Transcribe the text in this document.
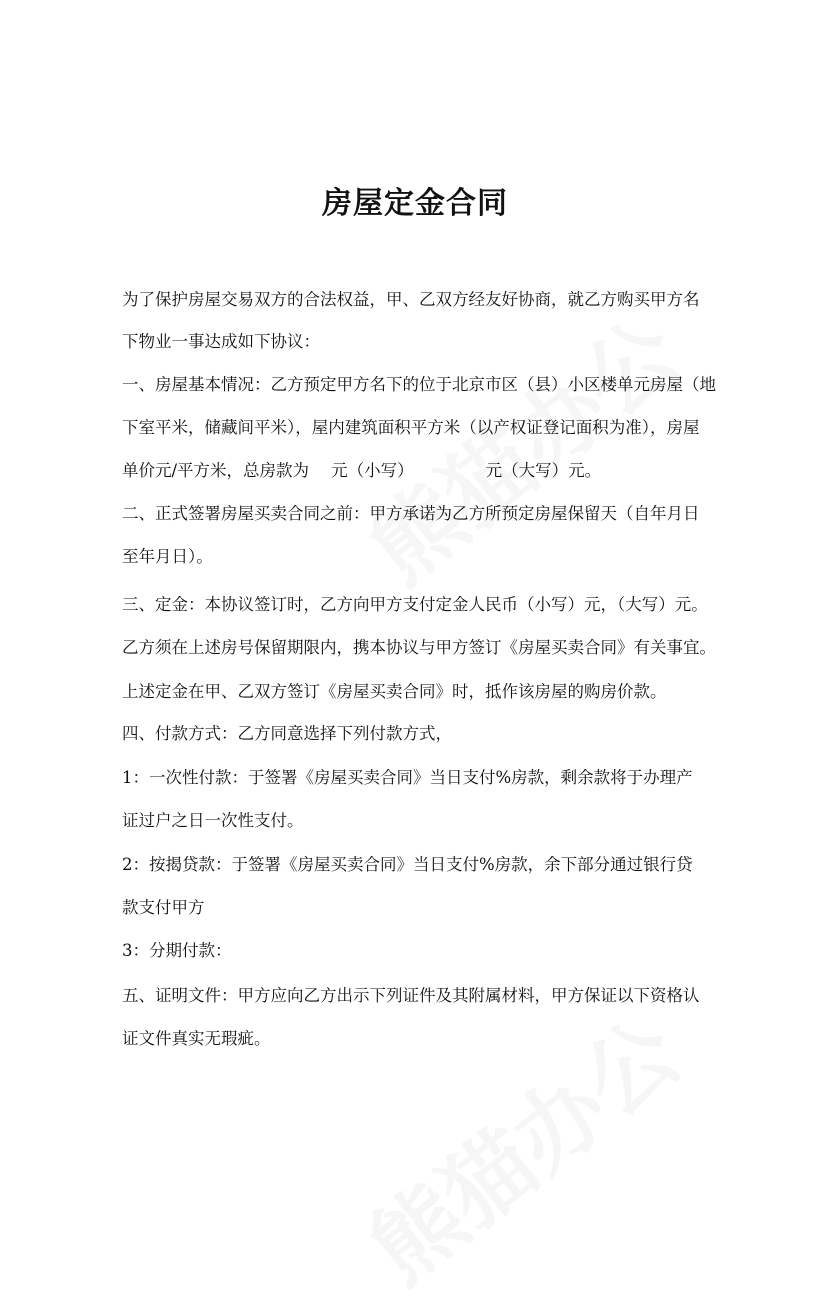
房屋定金合同
为了保护房屋交易双方的合法权益，甲、乙双方经友好协商，就乙方购买甲方名
下物业一事达成如下协议：
一、房屋基本情况：乙方预定甲方名下的位于北京市区（县）小区楼单元房屋（地
下室平米，储藏间平米），屋内建筑面积平方米（以产权证登记面积为准），房屋
单价元/平方米，总房款为 元（小写）	元（大写）元。
二、正式签署房屋买卖合同之前：甲方承诺为乙方所预定房屋保留天（自年月日
至年月日）。
三、定金：本协议签订时，乙方向甲方支付定金人民币（小写）元，（大写）元。
乙方须在上述房号保留期限内，携本协议与甲方签订《房屋买卖合同》有关事宜。
上述定金在甲、乙双方签订《房屋买卖合同》时，抵作该房屋的购房价款。
四、付款方式：乙方同意选择下列付款方式，
1：一次性付款：于签署《房屋买卖合同》当日支付%房款，剩余款将于办理产
证过户之日一次性支付。
2：按揭贷款：于签署《房屋买卖合同》当日支付%房款，余下部分通过银行贷
款支付甲方
3：分期付款：
五、证明文件：甲方应向乙方出示下列证件及其附属材料，甲方保证以下资格认
证文件真实无瑕疵。
